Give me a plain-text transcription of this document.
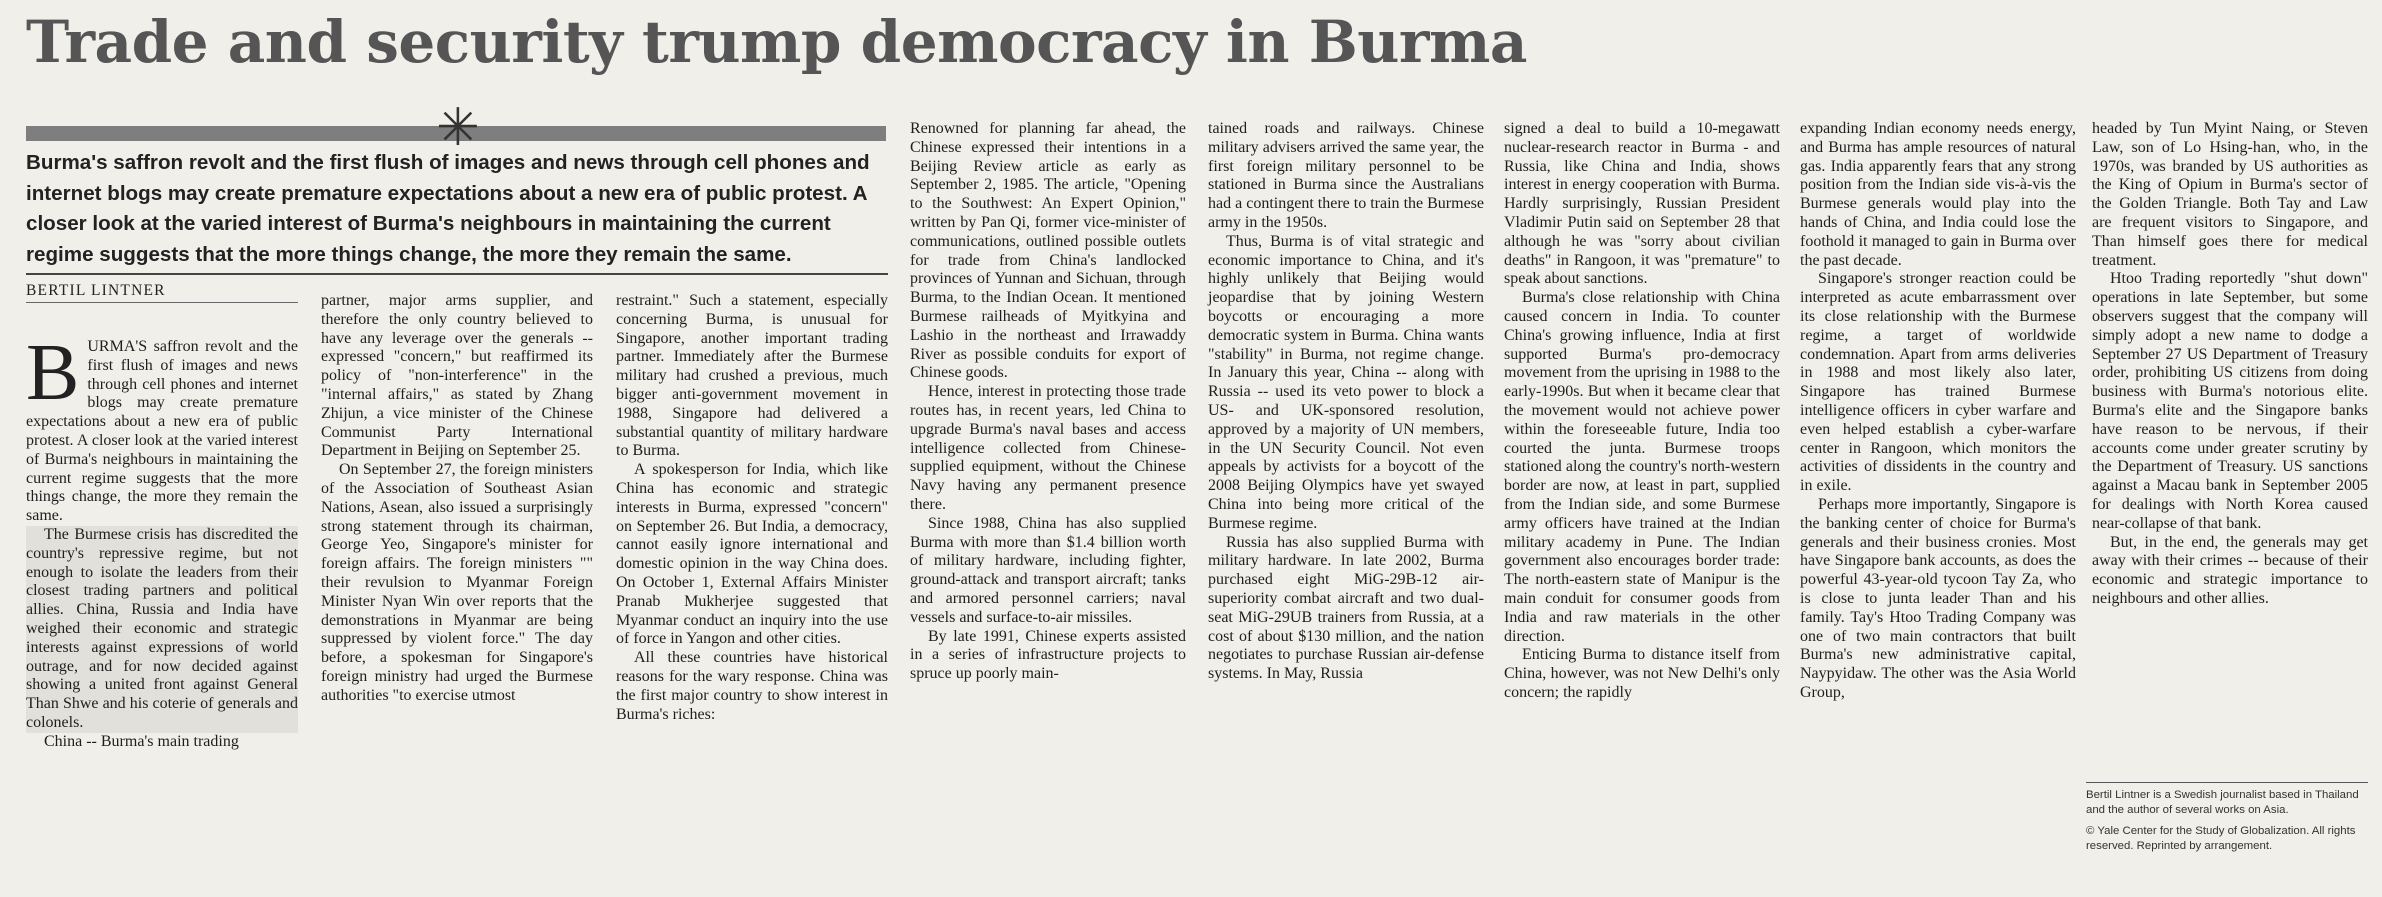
Trade and security trump democracy in Burma
✳
Burma's saffron revolt and the first flush of images and news through cell phones and internet blogs may create premature expectations about a new era of public protest. A closer look at the varied interest of Burma's neighbours in maintaining the current regime suggests that the more things change, the more they remain the same.
BERTIL LINTNER

BURMA'S saffron revolt and the first flush of images and news through cell phones and internet blogs may create premature expectations about a new era of public protest. A closer look at the varied interest of Burma's neighbours in maintaining the current regime suggests that the more things change, the more they remain the same.

The Burmese crisis has discredited the country's repressive regime, but not enough to isolate the leaders from their closest trading partners and political allies. China, Russia and India have weighed their economic and strategic interests against expressions of world outrage, and for now decided against showing a united front against General Than Shwe and his coterie of generals and colonels.

China -- Burma's main trading

partner, major arms supplier, and therefore the only country believed to have any leverage over the generals -- expressed "concern," but reaffirmed its policy of "non-interference" in the "internal affairs," as stated by Zhang Zhijun, a vice minister of the Chinese Communist Party International Department in Beijing on September 25.

On September 27, the foreign ministers of the Association of Southeast Asian Nations, Asean, also issued a surprisingly strong statement through its chairman, George Yeo, Singapore's minister for foreign affairs. The foreign ministers "" their revulsion to Myanmar Foreign Minister Nyan Win over reports that the demonstrations in Myanmar are being suppressed by violent force." The day before, a spokesman for Singapore's foreign ministry had urged the Burmese authorities "to exercise utmost

restraint." Such a statement, especially concerning Burma, is unusual for Singapore, another important trading partner. Immediately after the Burmese military had crushed a previous, much bigger anti-government movement in 1988, Singapore had delivered a substantial quantity of military hardware to Burma.

A spokesperson for India, which like China has economic and strategic interests in Burma, expressed "concern" on September 26. But India, a democracy, cannot easily ignore international and domestic opinion in the way China does. On October 1, External Affairs Minister Pranab Mukherjee suggested that Myanmar conduct an inquiry into the use of force in Yangon and other cities.

All these countries have historical reasons for the wary response. China was the first major country to show interest in Burma's riches:

Renowned for planning far ahead, the Chinese expressed their intentions in a Beijing Review article as early as September 2, 1985. The article, "Opening to the Southwest: An Expert Opinion," written by Pan Qi, former vice-minister of communications, outlined possible outlets for trade from China's landlocked provinces of Yunnan and Sichuan, through Burma, to the Indian Ocean. It mentioned Burmese railheads of Myitkyina and Lashio in the northeast and Irrawaddy River as possible conduits for export of Chinese goods.

Hence, interest in protecting those trade routes has, in recent years, led China to upgrade Burma's naval bases and access intelligence collected from Chinese-supplied equipment, without the Chinese Navy having any permanent presence there.

Since 1988, China has also supplied Burma with more than $1.4 billion worth of military hardware, including fighter, ground-attack and transport aircraft; tanks and armored personnel carriers; naval vessels and surface-to-air missiles.

By late 1991, Chinese experts assisted in a series of infrastructure projects to spruce up poorly main-

tained roads and railways. Chinese military advisers arrived the same year, the first foreign military personnel to be stationed in Burma since the Australians had a contingent there to train the Burmese army in the 1950s.

Thus, Burma is of vital strategic and economic importance to China, and it's highly unlikely that Beijing would jeopardise that by joining Western boycotts or encouraging a more democratic system in Burma. China wants "stability" in Burma, not regime change. In January this year, China -- along with Russia -- used its veto power to block a US- and UK-sponsored resolution, approved by a majority of UN members, in the UN Security Council. Not even appeals by activists for a boycott of the 2008 Beijing Olympics have yet swayed China into being more critical of the Burmese regime.

Russia has also supplied Burma with military hardware. In late 2002, Burma purchased eight MiG-29B-12 air-superiority combat aircraft and two dual-seat MiG-29UB trainers from Russia, at a cost of about $130 million, and the nation negotiates to purchase Russian air-defense systems. In May, Russia

signed a deal to build a 10-megawatt nuclear-research reactor in Burma - and Russia, like China and India, shows interest in energy cooperation with Burma. Hardly surprisingly, Russian President Vladimir Putin said on September 28 that although he was "sorry about civilian deaths" in Rangoon, it was "premature" to speak about sanctions.

Burma's close relationship with China caused concern in India. To counter China's growing influence, India at first supported Burma's pro-democracy movement from the uprising in 1988 to the early-1990s. But when it became clear that the movement would not achieve power within the foreseeable future, India too courted the junta. Burmese troops stationed along the country's north-western border are now, at least in part, supplied from the Indian side, and some Burmese army officers have trained at the Indian military academy in Pune. The Indian government also encourages border trade: The north-eastern state of Manipur is the main conduit for consumer goods from India and raw materials in the other direction.

Enticing Burma to distance itself from China, however, was not New Delhi's only concern; the rapidly

expanding Indian economy needs energy, and Burma has ample resources of natural gas. India apparently fears that any strong position from the Indian side vis-à-vis the Burmese generals would play into the hands of China, and India could lose the foothold it managed to gain in Burma over the past decade.

Singapore's stronger reaction could be interpreted as acute embarrassment over its close relationship with the Burmese regime, a target of worldwide condemnation. Apart from arms deliveries in 1988 and most likely also later, Singapore has trained Burmese intelligence officers in cyber warfare and even helped establish a cyber-warfare center in Rangoon, which monitors the activities of dissidents in the country and in exile.

Perhaps more importantly, Singapore is the banking center of choice for Burma's generals and their business cronies. Most have Singapore bank accounts, as does the powerful 43-year-old tycoon Tay Za, who is close to junta leader Than and his family. Tay's Htoo Trading Company was one of two main contractors that built Burma's new administrative capital, Naypyidaw. The other was the Asia World Group,

headed by Tun Myint Naing, or Steven Law, son of Lo Hsing-han, who, in the 1970s, was branded by US authorities as the King of Opium in Burma's sector of the Golden Triangle. Both Tay and Law are frequent visitors to Singapore, and Than himself goes there for medical treatment.

Htoo Trading reportedly "shut down" operations in late September, but some observers suggest that the company will simply adopt a new name to dodge a September 27 US Department of Treasury order, prohibiting US citizens from doing business with Burma's notorious elite. Burma's elite and the Singapore banks have reason to be nervous, if their accounts come under greater scrutiny by the Department of Treasury. US sanctions against a Macau bank in September 2005 for dealings with North Korea caused near-collapse of that bank.

But, in the end, the generals may get away with their crimes -- because of their economic and strategic importance to neighbours and other allies.

Bertil Lintner is a Swedish journalist based in Thailand and the author of several works on Asia.

© Yale Center for the Study of Globalization. All rights reserved. Reprinted by arrangement.
